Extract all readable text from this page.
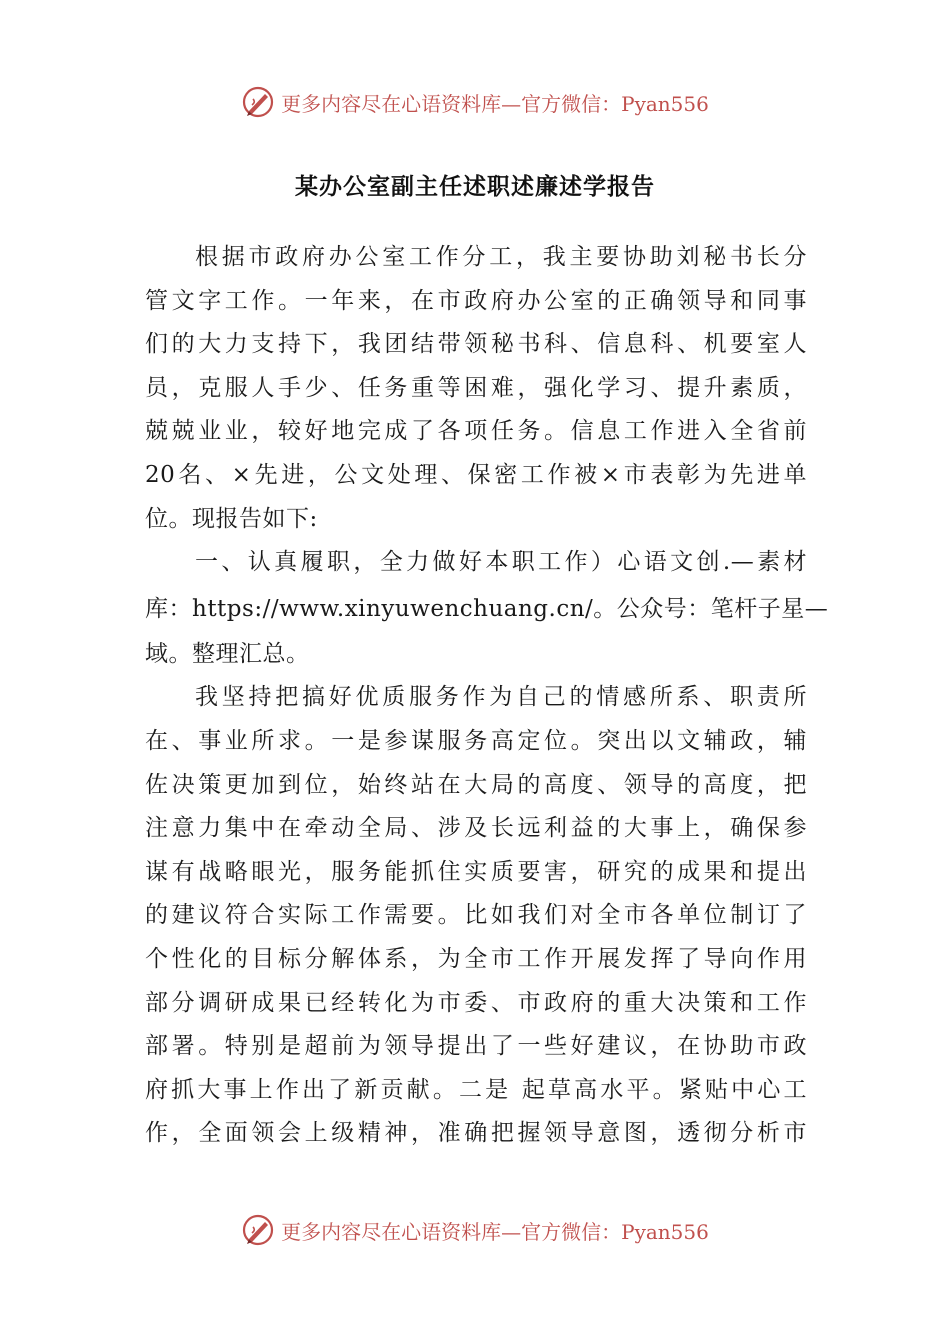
更多内容尽在心语资料库—官方微信：Pyan556
某办公室副主任述职述廉述学报告
根据市政府办公室工作分工，我主要协助刘秘书长分
管文字工作。一年来，在市政府办公室的正确领导和同事
们的大力支持下，我团结带领秘书科、信息科、机要室人
员，克服人手少、任务重等困难，强化学习、提升素质，
兢兢业业，较好地完成了各项任务。信息工作进入全省前
20名、×先进，公文处理、保密工作被×市表彰为先进单
位。现报告如下:
一、认真履职，全力做好本职工作）心语文创.—素材
库：https://www.xinyuwenchuang.cn/。公众号：笔杆子星—
域。整理汇总。
我坚持把搞好优质服务作为自己的情感所系、职责所
在、事业所求。一是参谋服务高定位。突出以文辅政，辅
佐决策更加到位，始终站在大局的高度、领导的高度，把
注意力集中在牵动全局、涉及长远利益的大事上，确保参
谋有战略眼光，服务能抓住实质要害，研究的成果和提出
的建议符合实际工作需要。比如我们对全市各单位制订了
个性化的目标分解体系，为全市工作开展发挥了导向作用
部分调研成果已经转化为市委、市政府的重大决策和工作
部署。特别是超前为领导提出了一些好建议，在协助市政
府抓大事上作出了新贡献。二是 起草高水平。紧贴中心工
作，全面领会上级精神，准确把握领导意图，透彻分析市
更多内容尽在心语资料库—官方微信：Pyan556
